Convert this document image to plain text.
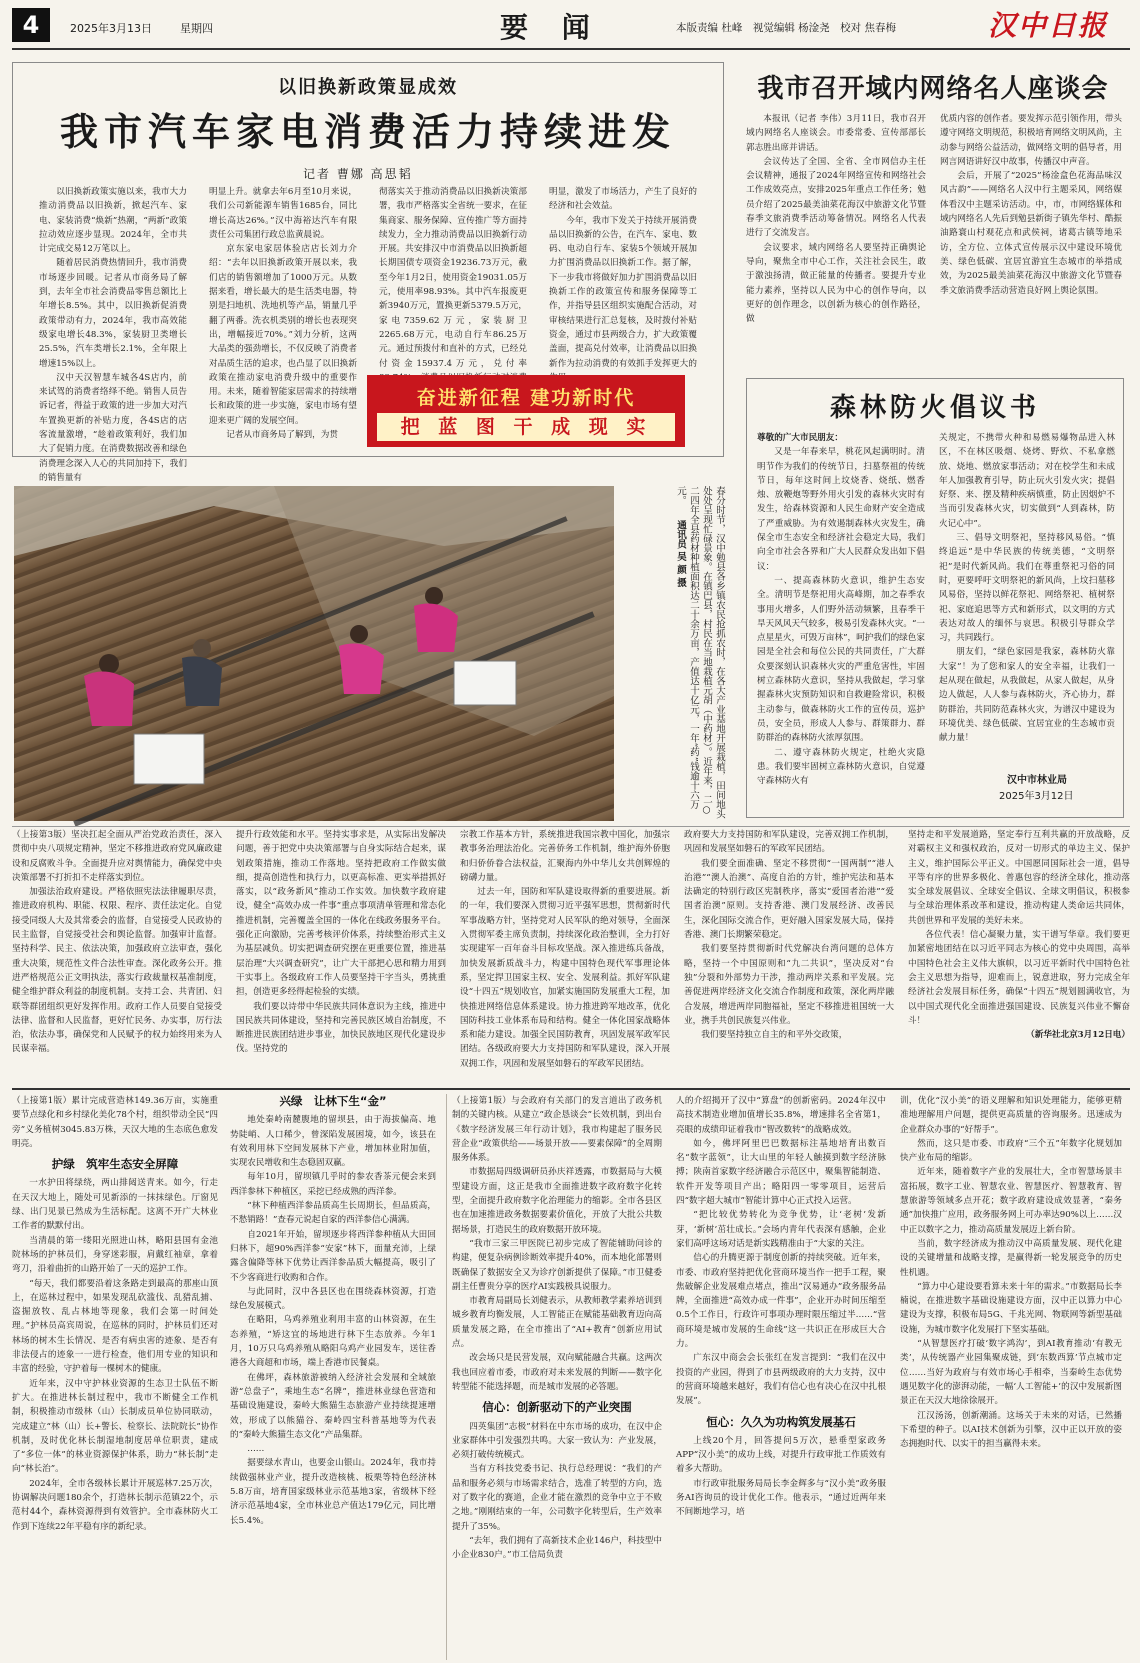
4	2025年3月13日	星期四	要 闻	本版责编 杜峰　视觉编辑 杨淦尧　校对 焦春梅	汉中日报
以旧换新政策显成效
我市汽车家电消费活力持续进发
记者 曹娜 高思韬

以旧换新政策实施以来，我市大力推动消费品以旧换新，掀起汽车、家电、家装消费“焕新”热潮，“两新”政策拉动效应逐步显现。2024年，全市共计完成交易12万笔以上。

随着居民消费热情回升，我市消费市场逐步回暖。记者从市商务局了解到，去年全市社会消费品零售总额比上年增长8.5%。其中，以旧换新促消费政策带动有力，2024年，我市高效能级家电增长48.3%，家装厨卫类增长25.5%，汽车类增长2.1%，全年限上增速15%以上。

汉中天汉智慧车城各4S店内，前来试驾的消费者络绎不绝。销售人员告诉记者，得益于政策的进一步加大对汽车置换更新的补贴力度，各4S店的店客流量激增，“趁着政策利好，我们加大了促销力度。在消费数据改善和绿色消费理念深入人心的共同加持下，我们的销售量有

明显上升。就拿去年6月至10月来说，我们公司新能源车销售1685台，同比增长高达26%。”汉中海裕达汽车有限责任公司集团行政总监黄晨说。

京东家电家居体验店店长刘力介绍：“去年以旧换新政策开展以来，我们店的销售额增加了1000万元。从数据来看，增长最大的是生活类电器，特别是扫地机、洗地机等产品，销量几乎翻了两番。洗衣机类别的增长也表现突出，增幅接近70%。”刘力分析，这两大品类的强劲增长，不仅反映了消费者对品质生活的追求，也凸显了以旧换新政策在推动家电消费升级中的重要作用。未来，随着智能家居需求的持续增长和政策的进一步实施，家电市场有望迎来更广阔的发展空间。

记者从市商务局了解到，为贯

彻落实关于推动消费品以旧换新决策部署，我市严格落实全省统一要求，在征集商家、服务保障、宣传推广等方面持续发力，全力推动消费品以旧换新行动开展。共安排汉中市消费品以旧换新超长期国债专项资金19236.73万元，截至今年1月2日，使用资金19031.05万元，使用率98.93%。其中汽车报废更新3940万元，置换更新5379.5万元，家电7359.62万元，家装厨卫2265.68万元，电动自行车86.25万元。通过预拨付和直补的方式，已经兑付资金15937.4万元，兑付率

明显，激发了市场活力，产生了良好的经济和社会效益。

今年，我市下发关于持续开展消费品以旧换新的公告，在汽车、家电、数码、电动自行车、家装5个领域开展加力扩围消费品以旧换新工作。据了解，下一步我市将做好加力扩围消费品以旧换新工作的政策宣传和服务保障等工作，并指导县区组织实施配合活动，对审核结果进行汇总复核，及时拨付补贴资金，通过市县两级合力，扩大政策覆盖面，提高兑付效率，让消费品以旧换新作为拉动消费的有效抓手发挥更大的

奋进新征程 建功新时代
把 蓝 图 干 成 现 实
我市召开域内网络名人座谈会

本报讯（记者 李伟）3月11日，我市召开域内网络名人座谈会。市委常委、宣传部部长郭志胜出席并讲话。

会议传达了全国、全省、全市网信办主任会议精神，通报了2024年网络宣传和网络社会工作成效亮点，安排2025年重点工作任务；勉员介绍了2025最美油菜花海汉中旅游文化节暨春季文旅消费季活动筹备情况。网络名人代表进行了交流发言。

会议要求，域内网络名人要坚持正确舆论导向，聚焦全市中心工作，关注社会民生，敢于激浊扬清，做正能量的传播者。要提升专业能力素养，坚持以人民为中心的创作导向，以更好的创作理念，以创新为核心的创作路径，做

优质内容的创作者。要发挥示范引领作用，带头遵守网络文明规范，积极培育网络文明风尚，主动参与网络公益活动，做网络文明的倡导者，用网言网语讲好汉中故事，传播汉中声音。

会后，开展了“2025”杨淦盒色花海品味汉风古韵”——网络名人汉中行主题采风，网络媒体看汉中主题采访活动。中，市，市网络媒体和域内网络名人先后到勉县新街子镇先华村、酷振油路寰山村观花点和武侯祠，诸葛古镇等地采访，全方位、立体式宣传展示汉中建设环境优美、绿色低碳、宜居宜游宜生态城市的举措成效，为2025最美油菜花海汉中旅游文化节暨春季文旅消费季活动营造良好网上舆论氛围。

森林防火倡议书

尊敬的广大市民朋友：

又是一年春来早，桃花风起满明时。清明节作为我们的传统节日，扫墓祭祖的传统节日，每年这时间上坟烧香、烧纸、燃香烛、放鞭炮等野外用火引发的森林火灾时有发生，给森林资源和人民生命财产安全造成了严重威胁。为有效遏制森林火灾发生，确保全市生态安全和经济社会稳定大局，我们向全市社会各界和广大人民群众发出如下倡议：

一、提高森林防火意识，维护生态安全。清明节是祭祀用火高峰期，加之春季农事用火增多，人们野外活动频繁，且春季干旱天风风天气较多，极易引发森林火灾。“一点星星火，可毁万亩林”，呵护我们的绿色家园是全社会和每位公民的共同责任，广大群众要深刻认识森林火灾的严重危害性，牢固树立森林防火意识，坚持从我做起，学习掌握森林火灾预防知识和自救避险常识，积极主动参与，做森林防火工作的宣传员，巡护员，安全员，形成人人参与、群策群力、群防群治的森林防火浓厚氛围。

二、遵守森林防火规定，杜绝火灾隐患。我们要牢固树立森林防火意识，自觉遵守森林防火有

关规定，不携带火种和易燃易爆物品进入林区，不在林区吸烟、烧烤、野炊、不私拿燃放、烧地、燃放家事活动；对在校学生和未成年人加强教育引导，防止玩火引发火灾；提倡好祭、来、摆及精种疾病慎重，防止因烟炉不当而引发森林火灾，切实做到“人到森林，防火记心中”。

三、倡导文明祭祀，坚持移风易俗。“慎终追远”是中华民族的传统美德，“文明祭祀”是时代新风尚。我们在尊重祭祀习俗的同时，更要呼吁文明祭祀的新风尚，上坟扫墓移风易俗，坚持以鲜花祭祀、网络祭祀、植树祭祀、家庭追思等方式和新形式，以文明的方式表达对故人的缅怀与哀思。积极引导群众学习，共同践行。

朋友们，“绿色家园是我家，森林防火靠大家”！为了您和家人的安全幸福，让我们一起从现在做起，从我做起，从家人做起，从身边人做起，人人参与森林防火，齐心协力，群防群治，共同防范森林火灾，为谱汉中建设为环境优美、绿色低碳、宜居宜业的生态城市贡献力量！

汉中市林业局
2025年3月12日
春分时节，汉中勉县各乡镇农民抢抓农时，在各大产业基地开展栽植，田间地头处处呈现忙碌景象。在镇巴县，村民在当地栽植元胡（中药材）。近年来，二○二四年全县药材种植面积达二十余万亩，产值达十亿元，一年“药”钱逾十六万元。 通讯员 吴 颜 摄

（上接第3版）坚决扛起全面从严治党政治责任，深入贯彻中央八项规定精神，坚定不移推进政府党风廉政建设和反腐败斗争。全面提升应对舆情能力，确保党中央决策部署不打折扣不走样落实到位。

加强法治政府建设。严格依照宪法法律履职尽责，推进政府机构、职能、权限、程序、责任法定化。自觉接受同级人大及其常委会的监督，自觉接受人民政协的民主监督，自觉接受社会和舆论监督。加强审计监督。坚持科学、民主、依法决策，加强政府立法审查，强化重大决策，规范性文件合法性审查。深化政务公开。推进严格规范公正文明执法，落实行政裁量权基准制度，健全维护群众利益的制度机制。支持工会、共青团、妇联等群团组织更好发挥作用。政府工作人员要自觉接受法律、监督和人民监督，更好忙民务、办实事，厉行法治，依法办事，确保党和人民赋予的权力始终用来为人民谋幸福。

提升行政效能和水平。坚持实事求是，从实际出发解决问题，善于把党中央决策部署与自身实际结合起来，谋划政策措施，推动工作落地。坚持把政府工作做实做细，提高创造性和执行力，以更高标准、更实举措抓好落实，以“政务新风”推动工作实效。加快数字政府建设，健全“高效办成一件事”重点事项清单管理和常态化推进机制，完善覆盖全国的一体化在线政务服务平台。强化正向激励，完善考核评价体系，持续整治形式主义为基层减负。切实把调查研究摆在更重要位置，推进基层治理“大兴调查研究”，让广大干部把心思和精力用到干实事上。各级政府工作人员要坚持干字当头，勇挑重担，创造更多经得起检验的实绩。

我们要以诗带中华民族共同体意识为主线，推进中国民族共同体建设，坚持和完善民族区域自治制度，不断推进民族团结进步事业，加快民族地区现代化建设步伐。坚持党的

宗教工作基本方针，系统推进我国宗教中国化，加强宗教事务治理法治化。完善侨务工作机制，维护海外侨胞和归侨侨眷合法权益，汇聚海内外中华儿女共创辉煌的磅礴力量。

过去一年，国防和军队建设取得新的重要进展。新的一年，我们要深入贯彻习近平强军思想，贯彻新时代军事战略方针，坚持党对人民军队的绝对领导，全面深入贯彻军委主席负责制，持续深化政治整训，全力打好实现建军一百年奋斗目标攻坚战。深入推进练兵备战，加快发展新质战斗力，构建中国特色现代军事理论体系，坚定捍卫国家主权、安全、发展利益。抓好军队建设“十四五”规划收官，加紧实施国防发展重大工程，加快推进网络信息体系建设。协力推进跨军地改革，优化国防科技工业体系布局和结构。健全一体化国家战略体系和能力建设。加强全民国防教育，巩固发展军政军民团结。各级政府要大力支持国防和军队建设，深入开展双拥工作，巩固和发展坚如磐石的军政军民团结。

政府要大力支持国防和军队建设，完善双拥工作机制，巩固和发展坚如磐石的军政军民团结。

我们要全面准确、坚定不移贯彻“一国两制”“港人治港”“澳人治澳”、高度自治的方针，维护宪法和基本法确定的特别行政区宪制秩序，落实“爱国者治港”“爱国者治澳”原则。支持香港、澳门发展经济、改善民生，深化国际交流合作，更好融入国家发展大局，保持香港、澳门长期繁荣稳定。

我们要坚持贯彻新时代党解决台湾问题的总体方略，坚持一个中国原则和“九二共识”，坚决反对“台独”分裂和外部势力干涉，推动两岸关系和平发展。完善促进两岸经济文化交流合作制度和政策，深化两岸融合发展，增进两岸同胞福祉，坚定不移推进祖国统一大业，携手共创民族复兴伟业。

我们要坚持独立自主的和平外交政策，

坚持走和平发展道路，坚定奉行互利共赢的开放战略，反对霸权主义和强权政治，反对一切形式的单边主义、保护主义，维护国际公平正义。中国愿同国际社会一道，倡导平等有序的世界多极化、普惠包容的经济全球化，推动落实全球发展倡议、全球安全倡议、全球文明倡议，积极参与全球治理体系改革和建设，推动构建人类命运共同体，共创世界和平发展的美好未来。

各位代表！信心凝聚力量，实干谱写华章。我们要更加紧密地团结在以习近平同志为核心的党中央周围，高举中国特色社会主义伟大旗帜，以习近平新时代中国特色社会主义思想为指导，迎难而上，锐意进取，努力完成全年经济社会发展目标任务，确保“十四五”规划圆满收官，为以中国式现代化全面推进强国建设、民族复兴伟业不懈奋斗！

（新华社北京3月12日电）

（上接第1版）累计完成营造林149.36万亩，实施重要节点绿化和乡村绿化美化78个村，组织带动全民“四旁”义务植树3045.83万株，天汉大地的生态底色愈发明亮。

护绿　筑牢生态安全屏障

一水护田将绿绕，两山排闼送青来。如今，行走在天汉大地上，随处可见新添的一抹抹绿色。厅窗见绿、出门见景已然成为生活标配。这离不开广大林业工作者的默默付出。

当清晨的第一缕阳光照进山林，略阳县国有金池院林场的护林员们，身穿迷彩服，肩戴红袖章，拿着弯刀，沿着曲折的山路开始了一天的巡护工作。

“每天，我们都要沿着这条路走到最高的那座山顶上，在巡林过程中，如果发现乱砍滥伐、乱猎乱捕、盗掘放牧、乱占林地等现象，我们会第一时间处理。”护林员高宾周说，在巡林的同时，护林员们还对林场的树木生长情况、是否有病虫害的迹象、是否有非法侵占的迹象一一进行检查，他们用专业的知识和丰富的经验，守护着每一棵树木的健康。

近年来，汉中守护林业资源的生态卫士队伍不断扩大。在推进林长制过程中，我市不断健全工作机制，积极推动市级林（山）长制成员单位协同联动，完成建立“林（山）长+警长、检察长、法院院长”协作机制，及时优化林长制湿地制度居单位职责，建成了“多位一体”的林业资源保护体系，助力“林长制”走向“林长治”。

2024年，全市各级林长累计开展巡林7.25万次，协调解决问题180余个，打造林长制示范镇22个，示范村44个，森林资源得到有效管护。全市森林防火工作到下连续22年平稳有序的新纪录。

兴绿　让林下生“金”

地处秦岭南麓腹地的留坝县，由于海拔偏高、地势陡峭、人口稀少，曾深陷发展困境，如今，该县在有效利用林下空间发展林下产业，增加林业附加值，实现农民增收和生态稳固双赢。

每年10月，留坝镇几乎时的参农香茶元便会来到西洋参林下种植区，采挖已经成熟的西洋参。

“林下种植西洋参品质高生长周期长，但品质高，不愁销路！”查春元说起自家的西洋参信心满满。

自2021年开始，留坝逐步将西洋参种植从大田回归林下，超90%西洋参“安家”林下，面量充沛，上绿露含偏降等林下优势让西洋参品质大幅提高，吸引了不少客商进行收购和合作。

与此同时，汉中各县区也在围绕森林资源，打造绿色发展模式。

在略阳，乌鸡养殖业利用丰富的山林资源，在生态养殖，“矫这宜的场地进行林下生态放养。今年1月，10万只乌鸡养殖从略阳乌鸡产业园发车，送往香港各大商超和市场，端上香港市民餐桌。

在佛坪，森林旅游被纳入经济社会发展和全域旅游“总盘子”，乘地生态“名牌”，推进林业绿色营造和基础设施建设，秦岭大熊猫生态旅游产业持续提速增效，形成了以熊猫谷、秦岭四宝科普基地等为代表的“秦岭大熊猫生态文化”产品集群。

……

据要绿水青山，也要金山银山。2024年，我市持续做强林业产业，提升改造核桃、板栗等特色经济林5.8万亩，培育国家级林业示范基地3家，省级林下经济示范基地4家，全市林业总产值达179亿元，同比增长5.4%。

（上接第1版）与会政府有关部门的发言道出了政务机制的关键内核。从建立“政企恳谈会”长效机制，到出台《数字经济发展三年行动计划》，我市构建起了服务民营企业“政策供给——场景开放——要素保障”的全周期服务体系。

市数据局四级调研员孙庆祥透露，市数据局与大模型建设方面，这正是我市全面推进数字政府数字化转型，全面提升政府数字化治理能力的缩影。全市各县区也在加速推进政务数据要素价值化，开放了大批公共数据场景，打造民生的政府数据开放环境。

“我市三家三甲医院已初步完成了智能辅助问诊的构建，便复杂病例诊断效率提升40%，而本地化部署则既确保了数据安全又为诊疗创新提供了保障。”市卫健委副主任曹贵分享的医疗AI实践极具说服力。

市教育局副局长刘健表示，从教师教学素养培训到城乡教育均衡发展，人工智能正在赋能基础教育迈向高质量发展之路，在全市推出了“AI+教育”创新应用试点。

改会场只是民营发展，双向赋能融合共赢。这两次我也回应着市委，市政府对未来发展的判断——数字化转型能不能选择题，而是城市发展的必答题。

信心：创新驱动下的产业突围

四英集团“志极”材料在中东市场的成功，在汉中企业家群体中引发强烈共鸣。大家一致认为：产业发展，必须打破传统模式。

当有方科技党委书记、执行总经理说：“我们的产品和服务必须与市场需求结合，选准了转型的方向，选对了数字化的赛道，企业才能在激烈的竞争中立于不败之地。”刚刚结束的一年，公司数字化转型后，生产效率提升了35%。

“去年，我们拥有了高新技术企业146户，科技型中小企业830户。”市工信局负责

人的介绍揭开了汉中“算盘”的创新密码。2024年汉中高技术制造业增加值增长35.8%，增速排名全省第1，亮眼的成绩印证着我市“智改数转”的战略成效。

如今，佛坪阿里巴巴数据标注基地培育出数百名“数字蓝领”，让大山里的年轻人触摸到数字经济脉搏；陕南首家数字经济融合示范区中，聚集智能制造、软件开发等项目产出；略阳四一零零项目，运营后四“数字超大城市”智能计算中心正式投入运营。

“把比较优势转化为竞争优势，让‘老树’发新芽，‘新树’茁壮成长。”会场内青年代表深有感触，企业家们高呼这场对话是新实践精准由于“大家的关注。

信心的升腾更源于制度创新的持续突破。近年来，市委、市政府坚持把优化营商环境当作一把手工程，聚焦破解企业发展难点堵点，推出“汉易通办”政务服务品牌，全面推进“高效办成一件事”，企业开办时间压缩至0.5个工作日，行政许可事项办理时限压缩过半……“营商环境是城市发展的生命线”这一共识正在形成巨大合力。

广东汉中商会会长张红在发言提到：“我们在汉中投资的产业园，得到了市县两级政府的大力支持，汉中的营商环境越来越好，我们有信心也有决心在汉中扎根发展”。

恒心：久久为功构筑发展基石

上线20个月，回答提问5万次，悬垂型家政务APP“汉小美”的成功上线，对提升行政审批工作质效有着多大帮助。

市行政审批服务局局长李金辉多与“汉小美”政务服务AI咨询员的设计优化工作。他表示，“通过近两年来不间断地学习，培

训，优化“汉小美”的语义理解和知识处理能力，能够更精准地理解用户问题，提供更高质量的咨询服务。迅速成为企业群众办事的“好帮手”。

然而，这只是市委、市政府“三个五”年数字化规划加快产业布局的缩影。

近年来，随着数字产业的发展壮大，全市智慧场景丰富拓展，数字工业、智慧农业、智慧医疗、智慧教育、智慧旅游等领域多点开花；数字政府建设成效显著，“秦务通”加快推广应用，政务服务网上可办率达90%以上……汉中正以数字之力，推动高质量发展迈上新台阶。

当前，数字经济成为推动汉中高质量发展、现代化建设的关键增量和战略支撑，是赢得新一轮发展竞争的历史性机遇。

“算力中心建设要看算未来十年的需求。”市数据局长李楠说，在推进数字基础设施建设方面，汉中正以算力中心建设为支撑，积极布局5G、千兆光网、物联网等新型基础设施，为城市数字化发展打下坚实基础。

“从智慧医疗打破‘数字鸿沟’，到AI教育推动‘有教无类’，从传统器产业园集聚成链，到‘东数西算’节点城市定位……当好为政府与有效市场心手相牵，当秦岭生态优势遇见数字化的澎湃动能，一幅‘人工智能+’的汉中发展新图景正在天汉大地徐徐展开。

江汉汤汤，创新潮涌。这场关于未来的对话，已然播下希望的种子。以AI技术创新为引擎，汉中正以开放的姿态拥抱时代、以实干的担当赢得未来。
